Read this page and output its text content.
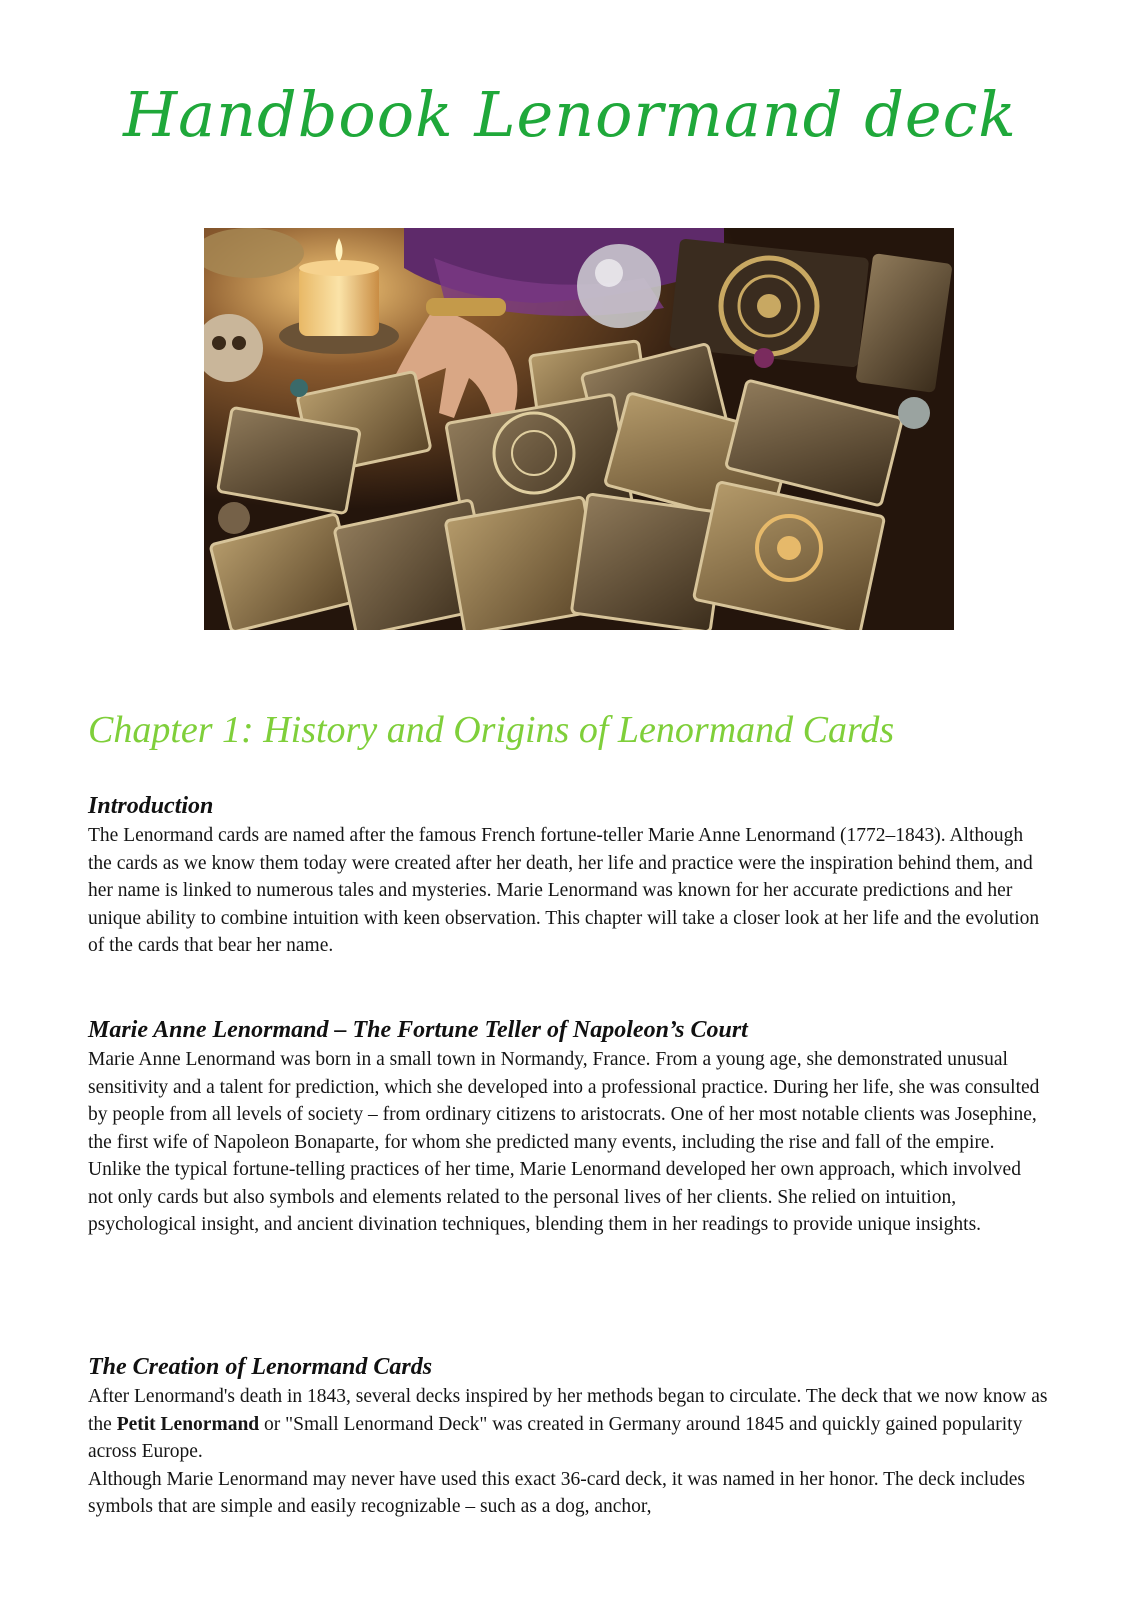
Handbook Lenormand deck
Chapter 1: History and Origins of Lenormand Cards
Introduction

The Lenormand cards are named after the famous French fortune-teller Marie Anne Lenormand (1772–1843). Although the cards as we know them today were created after her death, her life and practice were the inspiration behind them, and her name is linked to numerous tales and mysteries. Marie Lenormand was known for her accurate predictions and her unique ability to combine intuition with keen observation. This chapter will take a closer look at her life and the evolution of the cards that bear her name.

Marie Anne Lenormand – The Fortune Teller of Napoleon’s Court

Marie Anne Lenormand was born in a small town in Normandy, France. From a young age, she demonstrated unusual sensitivity and a talent for prediction, which she developed into a professional practice. During her life, she was consulted by people from all levels of society – from ordinary citizens to aristocrats. One of her most notable clients was Josephine, the first wife of Napoleon Bonaparte, for whom she predicted many events, including the rise and fall of the empire. Unlike the typical fortune-telling practices of her time, Marie Lenormand developed her own approach, which involved not only cards but also symbols and elements related to the personal lives of her clients. She relied on intuition, psychological insight, and ancient divination techniques, blending them in her readings to provide unique insights.

The Creation of Lenormand Cards

After Lenormand's death in 1843, several decks inspired by her methods began to circulate. The deck that we now know as the Petit Lenormand or "Small Lenormand Deck" was created in Germany around 1845 and quickly gained popularity across Europe.

Although Marie Lenormand may never have used this exact 36-card deck, it was named in her honor. The deck includes symbols that are simple and easily recognizable – such as a dog, anchor,
